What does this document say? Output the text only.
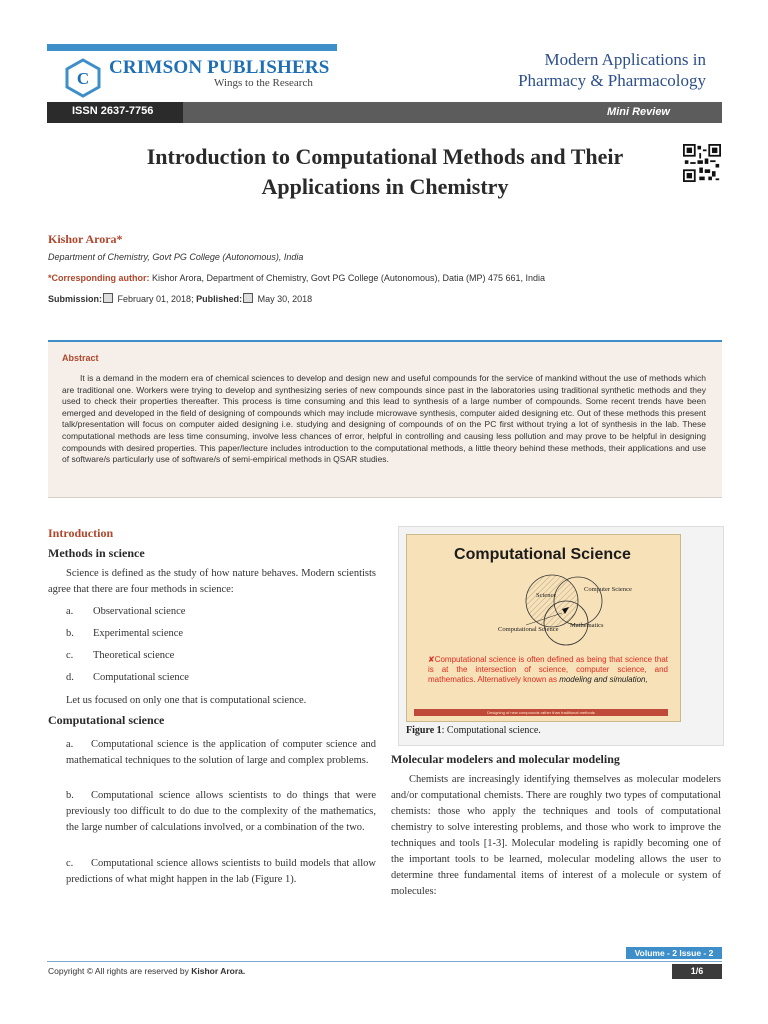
C
CRIMSON PUBLISHERS
Wings to the Research
Modern Applications in
Pharmacy & Pharmacology
ISSN 2637-7756	Mini Review
Introduction to Computational Methods and Their
Applications in Chemistry
Kishor Arora*
Department of Chemistry, Govt PG College (Autonomous), India
*Corresponding author: Kishor Arora, Department of Chemistry, Govt PG College (Autonomous), Datia (MP) 475 661, India
Submission: February 01, 2018; Published: May 30, 2018
Abstract
It is a demand in the modern era of chemical sciences to develop and design new and useful compounds for the service of mankind without the use of methods which are traditional one. Workers were trying to develop and synthesizing series of new compounds since past in the laboratories using traditional synthetic methods and they used to check their properties thereafter. This process is time consuming and this lead to synthesis of a large number of compounds. Some recent trends have been emerged and developed in the field of designing of compounds which may include microwave synthesis, computer aided designing etc. Out of these methods this present talk/presentation will focus on computer aided designing i.e. studying and designing of compounds of on the PC first without trying a lot of synthesis in the lab. These computational methods are less time consuming, involve less chances of error, helpful in controlling and causing less pollution and may prove to be helpful in designing compounds with desired properties. This paper/lecture includes introduction to the computational methods, a little theory behind these methods, their applications and use of software/s particularly use of software/s of semi-empirical methods in QSAR studies.
Introduction
Methods in science
Science is defined as the study of how nature behaves. Modern scientists agree that there are four methods in science:
a. Observational science
b. Experimental science
c. Theoretical science
d. Computational science
Let us focused on only one that is computational science.
Computational science
a. Computational science is the application of computer science and mathematical techniques to the solution of large and complex problems.
b. Computational science allows scientists to do things that were previously too difficult to do due to the complexity of the mathematics, the large number of calculations involved, or a combination of the two.
c. Computational science allows scientists to build models that allow predictions of what might happen in the lab (Figure 1).
Computational Science
Science
Computer Science
Mathematics
Computational Science
✘Computational science is often defined as being that science that is at the intersection of science, computer science, and mathematics. Alternatively known as modeling and simulation,
Designing of new compounds rather than traditional methods
Figure 1: Computational science.
Molecular modelers and molecular modeling
Chemists are increasingly identifying themselves as molecular modelers and/or computational chemists. There are roughly two types of computational chemists: those who apply the techniques and tools of computational chemistry to solve interesting problems, and those who work to improve the techniques and tools [1-3]. Molecular modeling is rapidly becoming one of the important tools to be learned, molecular modeling allows the user to determine three fundamental items of interest of a molecule or system of molecules:
Volume - 2 Issue - 2
Copyright © All rights are reserved by Kishor Arora.	1/6
